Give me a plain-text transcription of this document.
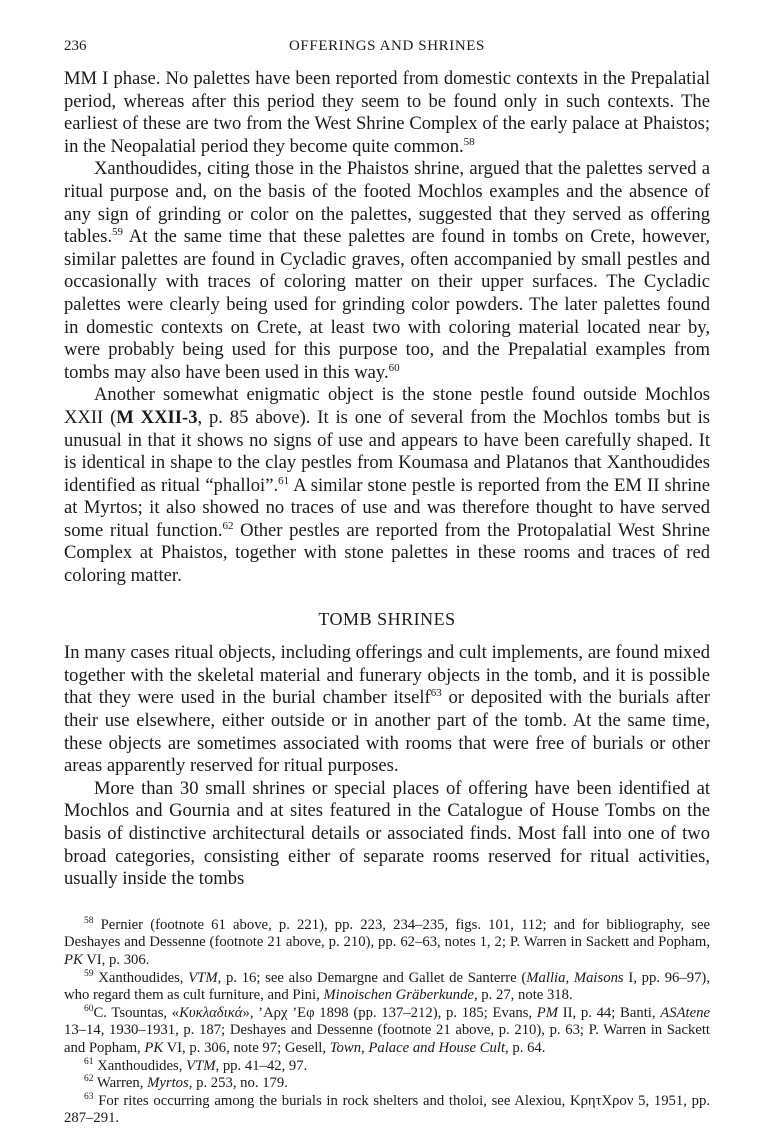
236	OFFERINGS AND SHRINES

MM I phase. No palettes have been reported from domestic contexts in the Prepalatial period, whereas after this period they seem to be found only in such contexts. The earliest of these are two from the West Shrine Complex of the early palace at Phaistos; in the Neopalatial period they become quite common.$^{58}$

Xanthoudides, citing those in the Phaistos shrine, argued that the palettes served a ritual purpose and, on the basis of the footed Mochlos examples and the absence of any sign of grinding or color on the palettes, suggested that they served as offering tables.$^{59}$ At the same time that these palettes are found in tombs on Crete, however, similar palettes are found in Cycladic graves, often accompanied by small pestles and occasionally with traces of coloring matter on their upper surfaces. The Cycladic palettes were clearly being used for grinding color powders. The later palettes found in domestic contexts on Crete, at least two with coloring material located near by, were probably being used for this purpose too, and the Prepalatial examples from tombs may also have been used in this way.$^{60}$

Another somewhat enigmatic object is the stone pestle found outside Mochlos XXII (M XXII-3, p. 85 above). It is one of several from the Mochlos tombs but is unusual in that it shows no signs of use and appears to have been carefully shaped. It is identical in shape to the clay pestles from Koumasa and Platanos that Xanthoudides identified as ritual “phalloi”.$^{61}$ A similar stone pestle is reported from the EM II shrine at Myrtos; it also showed no traces of use and was therefore thought to have served some ritual function.$^{62}$ Other pestles are reported from the Protopalatial West Shrine Complex at Phaistos, together with stone palettes in these rooms and traces of red coloring matter.

TOMB SHRINES

In many cases ritual objects, including offerings and cult implements, are found mixed together with the skeletal material and funerary objects in the tomb, and it is possible that they were used in the burial chamber itself$^{63}$ or deposited with the burials after their use elsewhere, either outside or in another part of the tomb. At the same time, these objects are sometimes associated with rooms that were free of burials or other areas apparently reserved for ritual purposes.

More than 30 small shrines or special places of offering have been identified at Mochlos and Gournia and at sites featured in the Catalogue of House Tombs on the basis of distinctive architectural details or associated finds. Most fall into one of two broad categories, consisting either of separate rooms reserved for ritual activities, usually inside the tombs

$^{58}$ Pernier (footnote 61 above, p. 221), pp. 223, 234–235, figs. 101, 112; and for bibliography, see Deshayes and Dessenne (footnote 21 above, p. 210), pp. 62–63, notes 1, 2; P. Warren in Sackett and Popham, PK VI, p. 306.

$^{59}$ Xanthoudides, VTM, p. 16; see also Demargne and Gallet de Santerre (Mallia, Maisons I, pp. 96–97), who regard them as cult furniture, and Pini, Minoischen Gräberkunde, p. 27, note 318.

$^{60}$C. Tsountas, «Κυκλαδικά», ’Αρχ ’Εφ 1898 (pp. 137–212), p. 185; Evans, PM II, p. 44; Banti, ASAtene 13–14, 1930–1931, p. 187; Deshayes and Dessenne (footnote 21 above, p. 210), p. 63; P. Warren in Sackett and Popham, PK VI, p. 306, note 97; Gesell, Town, Palace and House Cult, p. 64.

$^{61}$ Xanthoudides, VTM, pp. 41–42, 97.

$^{62}$ Warren, Myrtos, p. 253, no. 179.

$^{63}$ For rites occurring among the burials in rock shelters and tholoi, see Alexiou, ΚρητΧρον 5, 1951, pp. 287–291.
